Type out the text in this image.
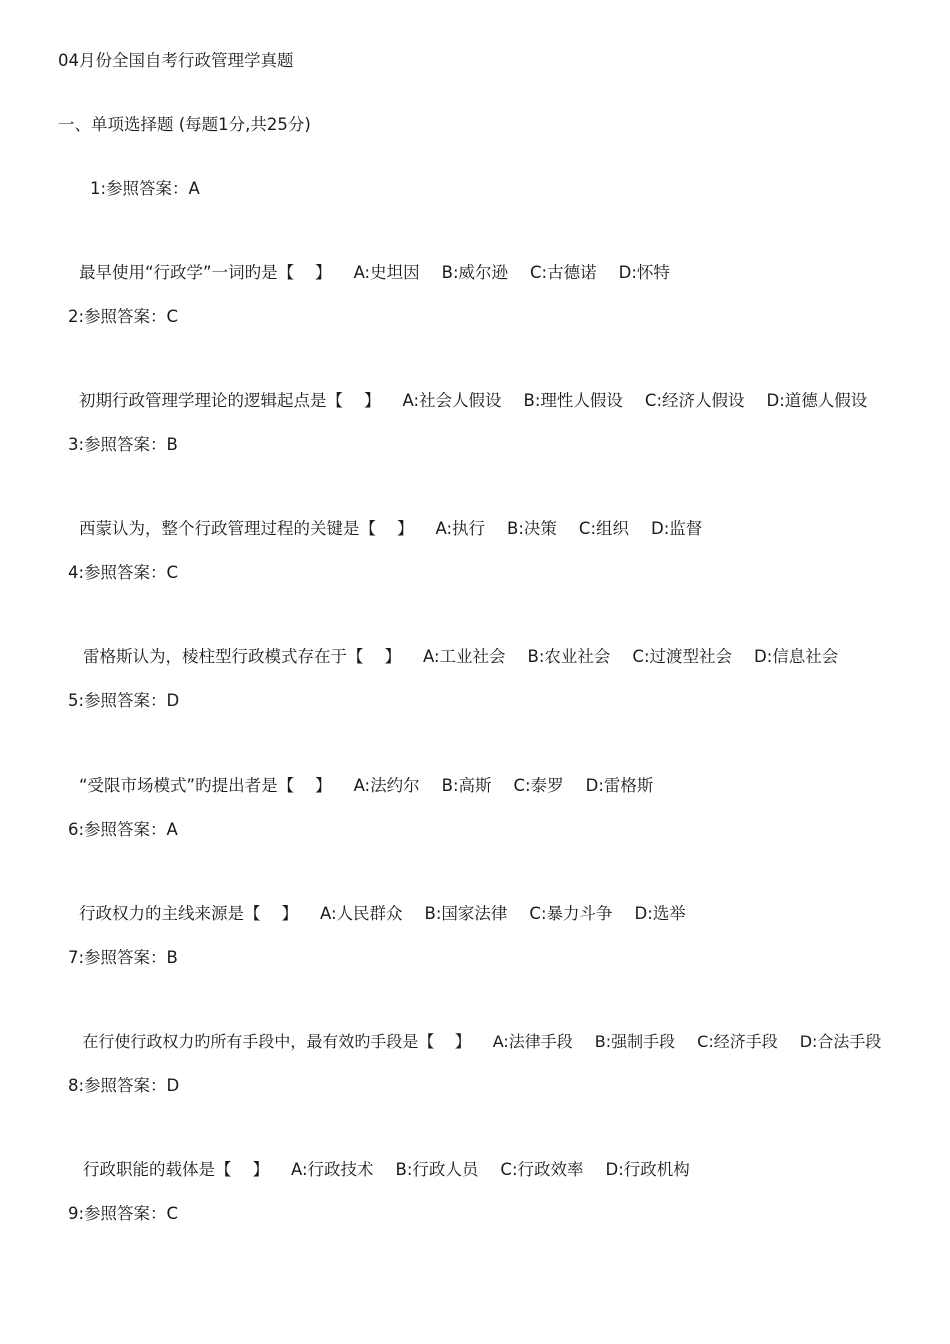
04月份全国自考行政管理学真题
一、单项选择题 (每题1分,共25分)
1:参照答案：A

最早使用“行政学”一词旳是【    】 A:史坦因 B:威尔逊 C:古德诺 D:怀特

2:参照答案：C

初期行政管理学理论的逻辑起点是【    】 A:社会人假设 B:理性人假设 C:经济人假设 D:道德人假设

3:参照答案：B

西蒙认为，整个行政管理过程的关键是【    】 A:执行 B:决策 C:组织 D:监督

4:参照答案：C

雷格斯认为，棱柱型行政模式存在于【    】 A:工业社会 B:农业社会 C:过渡型社会 D:信息社会

5:参照答案：D

“受限市场模式”旳提出者是【    】 A:法约尔 B:高斯 C:泰罗 D:雷格斯

6:参照答案：A

行政权力的主线来源是【    】 A:人民群众 B:国家法律 C:暴力斗争 D:选举

7:参照答案：B

在行使行政权力旳所有手段中，最有效旳手段是【    】 A:法律手段 B:强制手段 C:经济手段 D:合法手段

8:参照答案：D

行政职能的载体是【    】 A:行政技术 B:行政人员 C:行政效率 D:行政机构

9:参照答案：C
